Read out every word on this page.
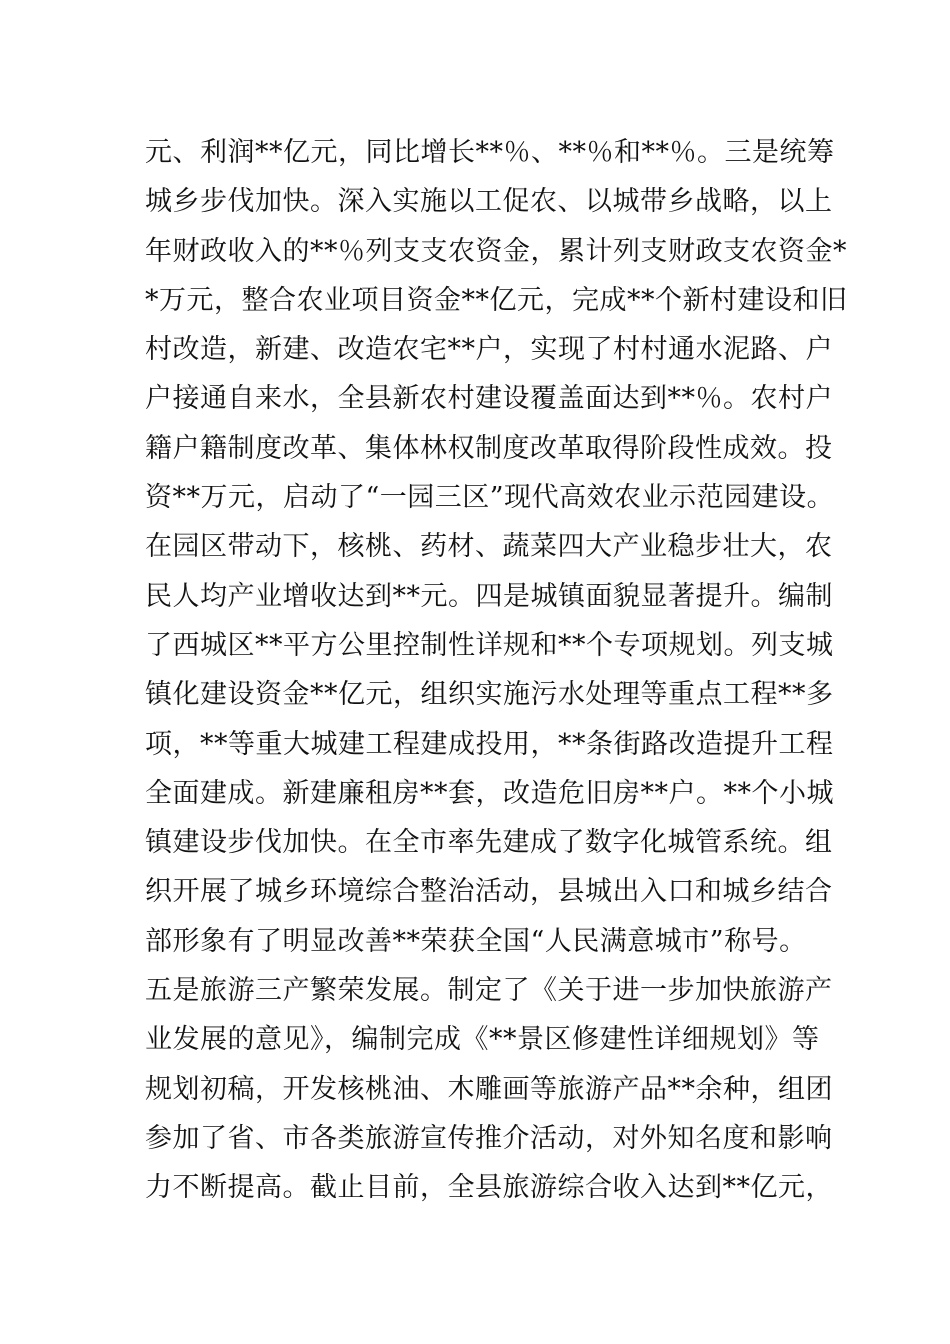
元、利润**亿元，同比增长**％、**％和**％。三是统筹
城乡步伐加快。深入实施以工促农、以城带乡战略，以上
年财政收入的**％列支支农资金，累计列支财政支农资金*
*万元，整合农业项目资金**亿元，完成**个新村建设和旧
村改造，新建、改造农宅**户，实现了村村通水泥路、户
户接通自来水，全县新农村建设覆盖面达到**％。农村户
籍户籍制度改革、集体林权制度改革取得阶段性成效。投
资**万元，启动了“一园三区”现代高效农业示范园建设。
在园区带动下，核桃、药材、蔬菜四大产业稳步壮大，农
民人均产业增收达到**元。四是城镇面貌显著提升。编制
了西城区**平方公里控制性详规和**个专项规划。列支城
镇化建设资金**亿元，组织实施污水处理等重点工程**多
项，**等重大城建工程建成投用，**条街路改造提升工程
全面建成。新建廉租房**套，改造危旧房**户。**个小城
镇建设步伐加快。在全市率先建成了数字化城管系统。组
织开展了城乡环境综合整治活动，县城出入口和城乡结合
部形象有了明显改善**荣获全国“人民满意城市”称号。
五是旅游三产繁荣发展。制定了《关于进一步加快旅游产
业发展的意见》，编制完成《**景区修建性详细规划》等
规划初稿，开发核桃油、木雕画等旅游产品**余种，组团
参加了省、市各类旅游宣传推介活动，对外知名度和影响
力不断提高。截止目前，全县旅游综合收入达到**亿元，
